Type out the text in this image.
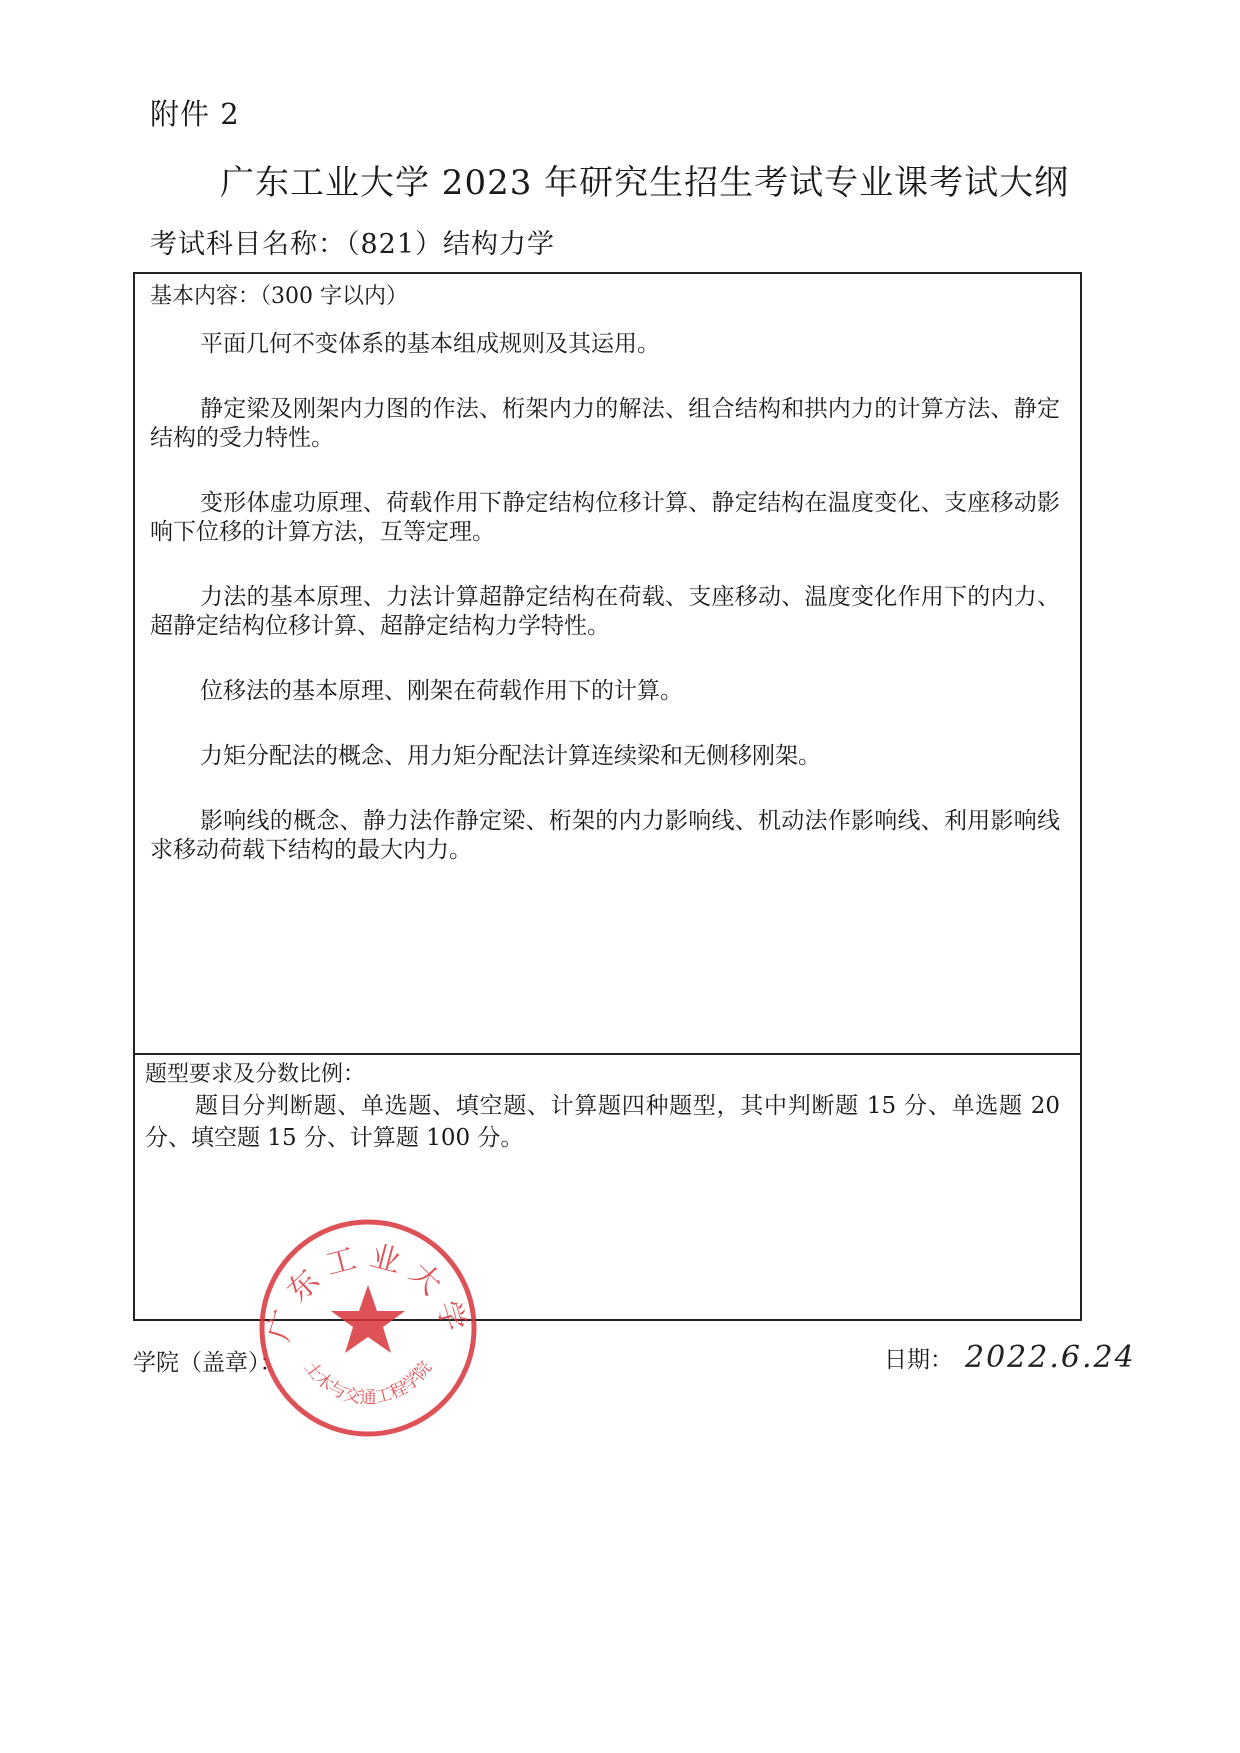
附件 2
广东工业大学 2023 年研究生招生考试专业课考试大纲
考试科目名称：（821）结构力学
基本内容：（300 字以内）

平面几何不变体系的基本组成规则及其运用。

静定梁及刚架内力图的作法、桁架内力的解法、组合结构和拱内力的计算方法、静定结构的受力特性。

变形体虚功原理、荷载作用下静定结构位移计算、静定结构在温度变化、支座移动影响下位移的计算方法，互等定理。

力法的基本原理、力法计算超静定结构在荷载、支座移动、温度变化作用下的内力、超静定结构位移计算、超静定结构力学特性。

位移法的基本原理、刚架在荷载作用下的计算。

力矩分配法的概念、用力矩分配法计算连续梁和无侧移刚架。

影响线的概念、静力法作静定梁、桁架的内力影响线、机动法作影响线、利用影响线求移动荷载下结构的最大内力。

题型要求及分数比例：

题目分判断题、单选题、填空题、计算题四种题型，其中判断题 15 分、单选题 20 分、填空题 15 分、计算题 100 分。

学院（盖章）：	日期： 2022.6.24
广东工业大学
土木与交通工程学院
